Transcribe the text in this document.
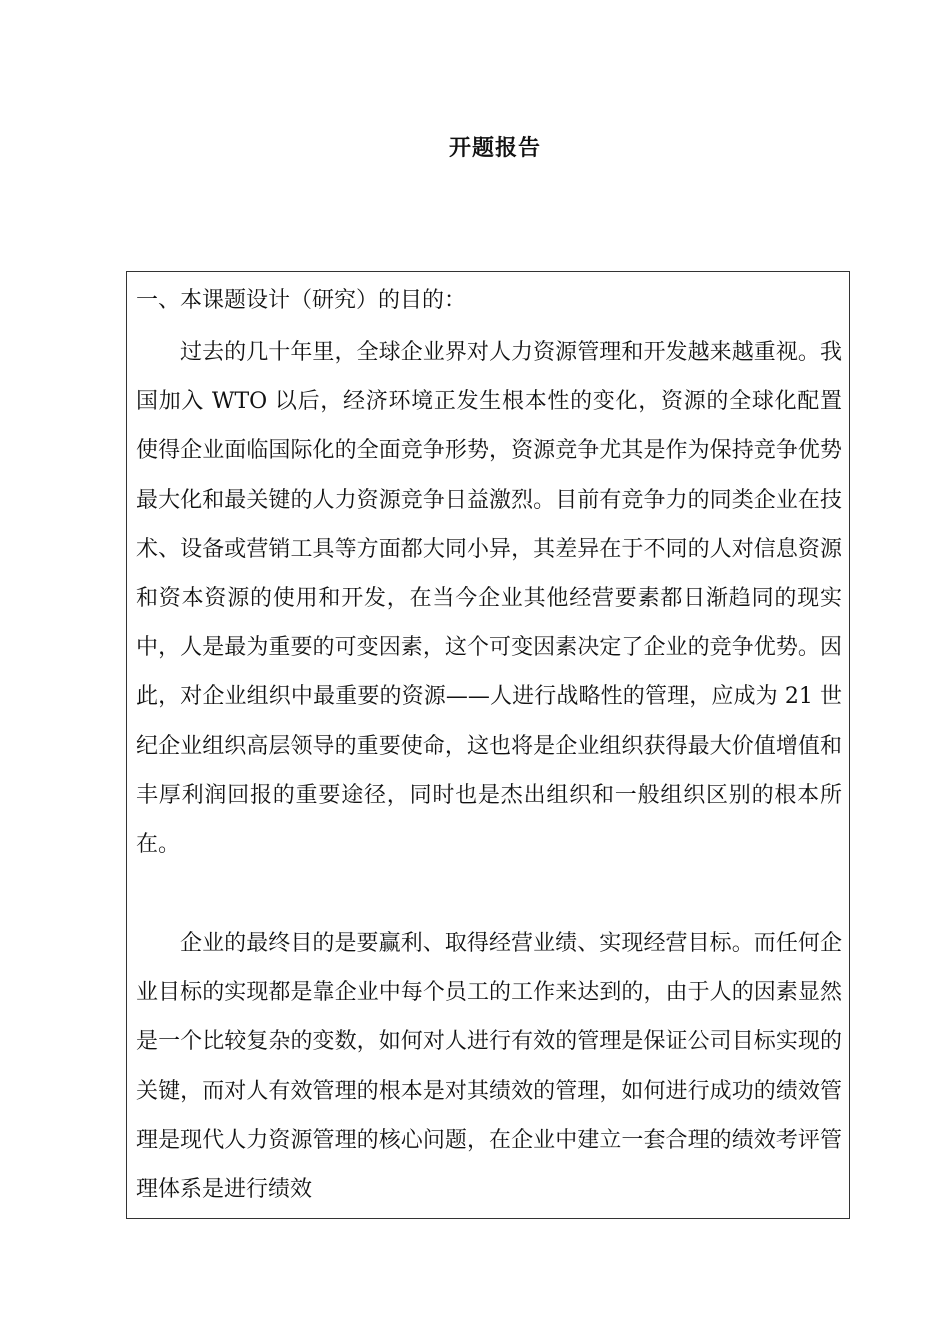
开题报告
一、本课题设计（研究）的目的：

过去的几十年里，全球企业界对人力资源管理和开发越来越重视。我国加入 WTO 以后，经济环境正发生根本性的变化，资源的全球化配置使得企业面临国际化的全面竞争形势，资源竞争尤其是作为保持竞争优势最大化和最关键的人力资源竞争日益激烈。目前有竞争力的同类企业在技术、设备或营销工具等方面都大同小异，其差异在于不同的人对信息资源和资本资源的使用和开发，在当今企业其他经营要素都日渐趋同的现实中，人是最为重要的可变因素，这个可变因素决定了企业的竞争优势。因此，对企业组织中最重要的资源——人进行战略性的管理，应成为 21 世纪企业组织高层领导的重要使命，这也将是企业组织获得最大价值增值和丰厚利润回报的重要途径，同时也是杰出组织和一般组织区别的根本所在。

企业的最终目的是要赢利、取得经营业绩、实现经营目标。而任何企业目标的实现都是靠企业中每个员工的工作来达到的，由于人的因素显然是一个比较复杂的变数，如何对人进行有效的管理是保证公司目标实现的关键，而对人有效管理的根本是对其绩效的管理，如何进行成功的绩效管理是现代人力资源管理的核心问题，在企业中建立一套合理的绩效考评管理体系是进行绩效
